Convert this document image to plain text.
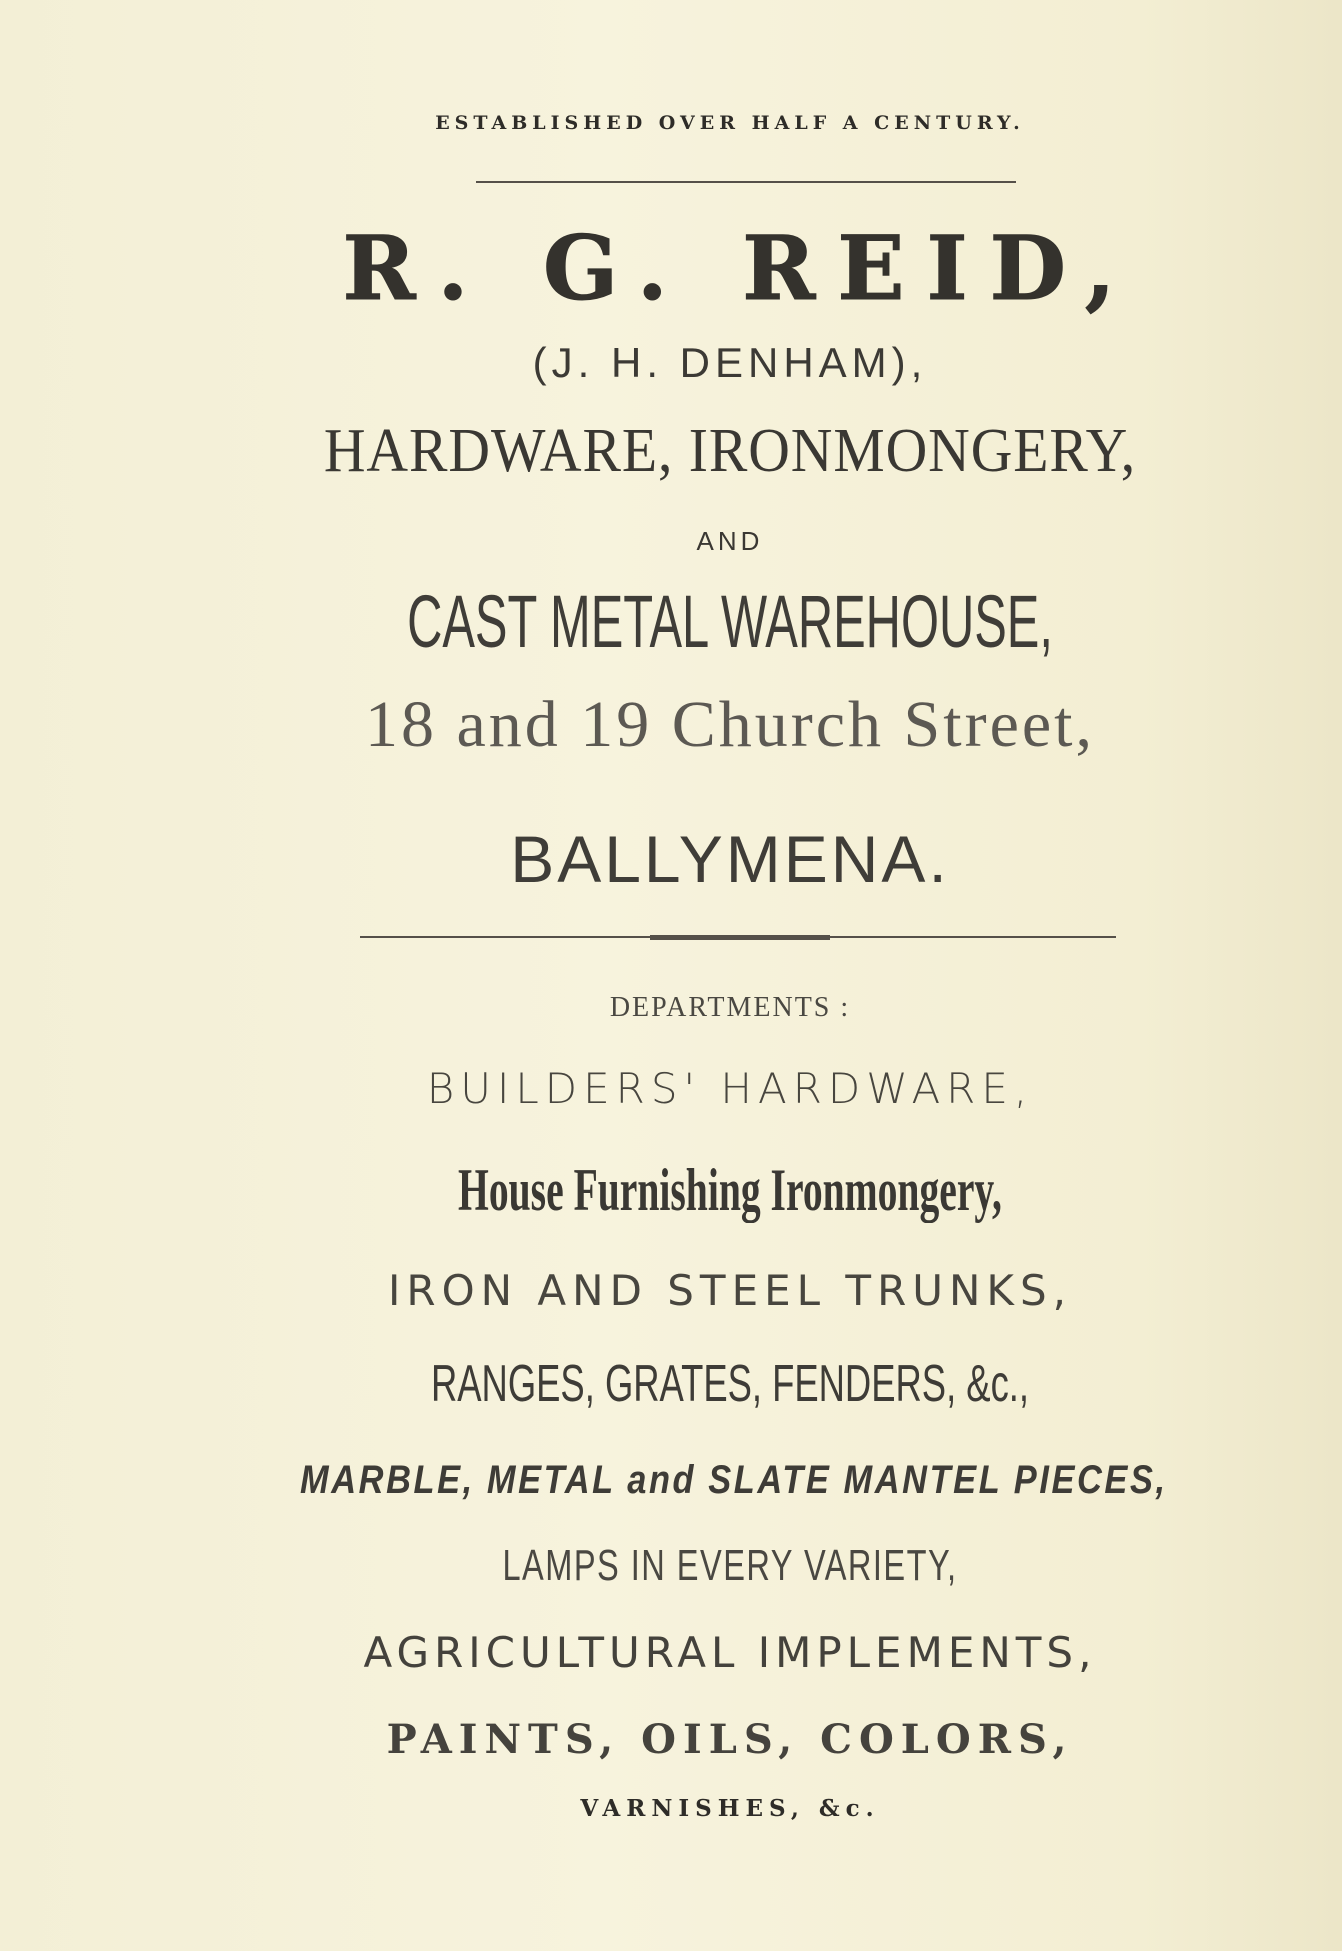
ESTABLISHED OVER HALF A CENTURY.
R. G. REID,
(J. H. DENHAM),
HARDWARE, IRONMONGERY,
AND
CAST METAL WAREHOUSE,
18 and 19 Church Street,
BALLYMENA.
DEPARTMENTS :
BUILDERS' HARDWARE,
House Furnishing Ironmongery,
IRON AND STEEL TRUNKS,
RANGES, GRATES, FENDERS, &c.,
MARBLE, METAL and SLATE MANTEL PIECES,
LAMPS IN EVERY VARIETY,
AGRICULTURAL IMPLEMENTS,
PAINTS, OILS, COLORS,
VARNISHES, &c.
